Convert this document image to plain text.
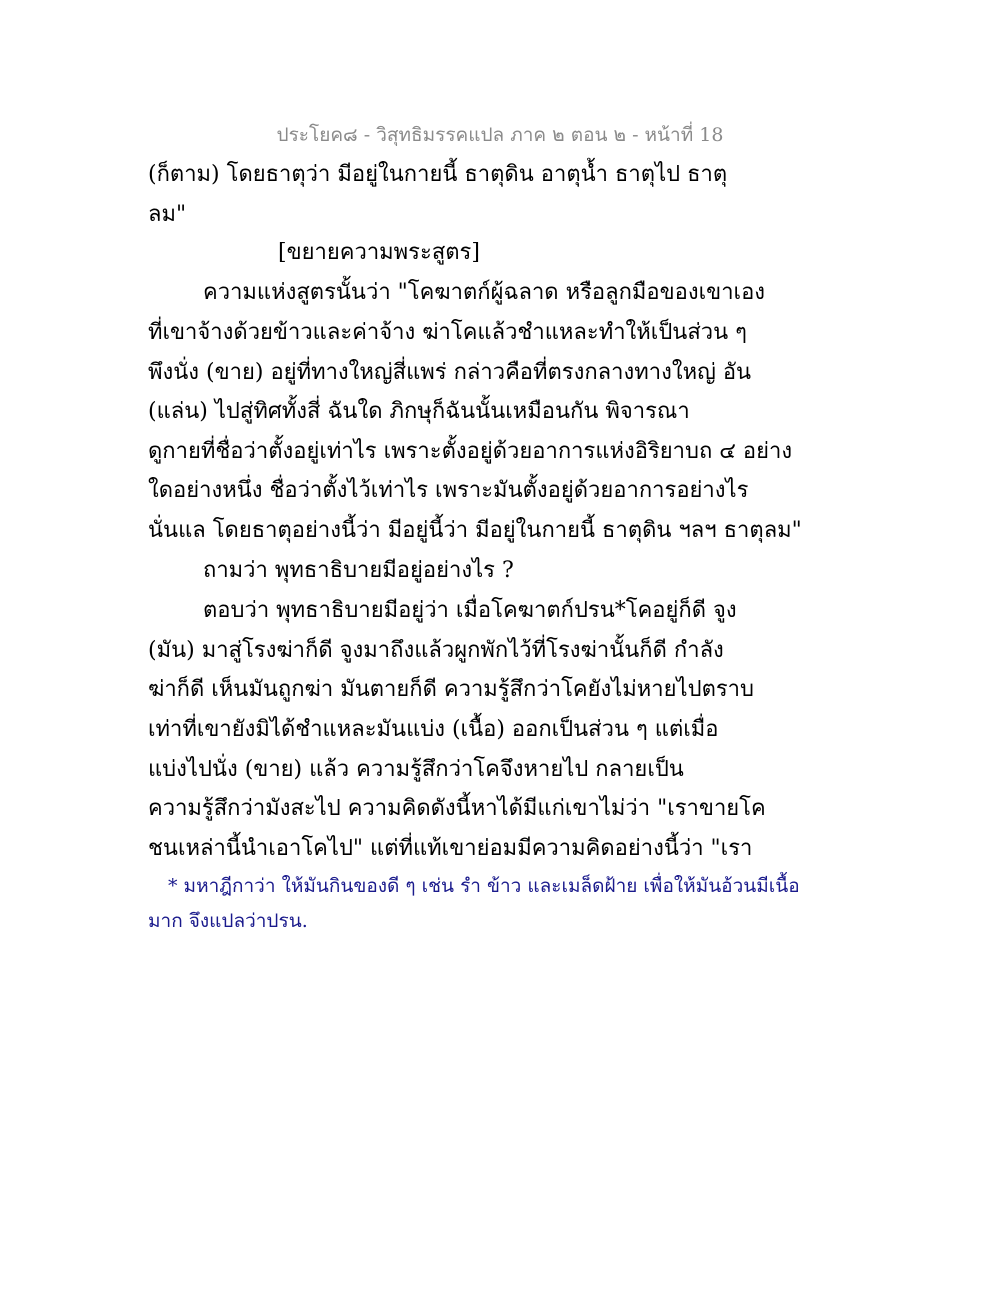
ประโยค๘ - วิสุทธิมรรคแปล ภาค ๒ ตอน ๒ - หน้าที่ 18
(ก็ตาม) โดยธาตุว่า มีอยู่ในกายนี้ ธาตุดิน อาตุน้ำ ธาตุไป ธาตุ
ลม"
[ขยายความพระสูตร]
ความแห่งสูตรนั้นว่า "โคฆาตก์ผู้ฉลาด หรือลูกมือของเขาเอง
ที่เขาจ้างด้วยข้าวและค่าจ้าง ฆ่าโคแล้วชำแหละทำให้เป็นส่วน ๆ
พึงนั่ง (ขาย) อยู่ที่ทางใหญ่สี่แพร่ กล่าวคือที่ตรงกลางทางใหญ่ อัน
(แล่น) ไปสู่ทิศทั้งสี่ ฉันใด ภิกษุก็ฉันนั้นเหมือนกัน พิจารณา
ดูกายที่ชื่อว่าตั้งอยู่เท่าไร เพราะตั้งอยู่ด้วยอาการแห่งอิริยาบถ ๔ อย่าง
ใดอย่างหนึ่ง ชื่อว่าตั้งไว้เท่าไร เพราะมันตั้งอยู่ด้วยอาการอย่างไร
นั่นแล โดยธาตุอย่างนี้ว่า มีอยู่นี้ว่า มีอยู่ในกายนี้ ธาตุดิน ฯลฯ ธาตุลม"
ถามว่า พุทธาธิบายมีอยู่อย่างไร ?
ตอบว่า พุทธาธิบายมีอยู่ว่า เมื่อโคฆาตก์ปรน*โคอยู่ก็ดี จูง
(มัน) มาสู่โรงฆ่าก็ดี จูงมาถึงแล้วผูกพักไว้ที่โรงฆ่านั้นก็ดี กำลัง
ฆ่าก็ดี เห็นมันถูกฆ่า มันตายก็ดี ความรู้สึกว่าโคยังไม่หายไปตราบ
เท่าที่เขายังมิได้ชำแหละมันแบ่ง (เนื้อ) ออกเป็นส่วน ๆ แต่เมื่อ
แบ่งไปนั่ง (ขาย) แล้ว ความรู้สึกว่าโคจึงหายไป กลายเป็น
ความรู้สึกว่ามังสะไป ความคิดดังนี้หาได้มีแก่เขาไม่ว่า "เราขายโค
ชนเหล่านี้นำเอาโคไป" แต่ที่แท้เขาย่อมมีความคิดอย่างนี้ว่า "เรา
* มหาฎีกาว่า ให้มันกินของดี ๆ เช่น รำ ข้าว และเมล็ดฝ้าย เพื่อให้มันอ้วนมีเนื้อ
มาก จึงแปลว่าปรน.
